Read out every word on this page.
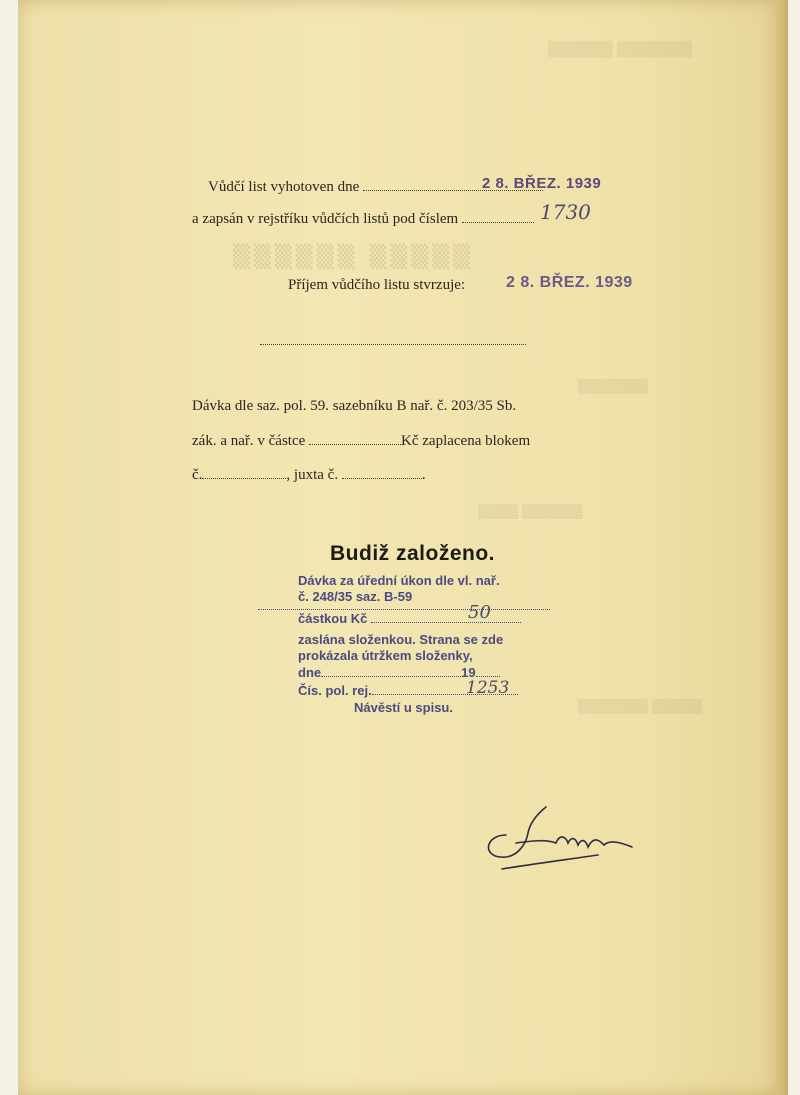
▒▒▒▒▒▒ ▒▒▒▒▒▒▒
▒▒▒▒▒▒ ▒▒▒▒▒
▒▒▒▒▒▒▒
▒▒▒▒ ▒▒▒▒▒▒
▒▒▒▒▒▒▒ ▒▒▒▒▒
Vůdčí list vyhotoven dne	2 8. BŘEZ. 1939
a zapsán v rejstříku vůdčích listů pod číslem	1730
Příjem vůdčího listu stvrzuje:	2 8. BŘEZ. 1939
Dávka dle saz. pol. 59. sazebníku B nař. č. 203/35 Sb.
zák. a nař. v částce	Kč zaplacena blokem
č.	, juxta č.	.
Budiž založeno.
Dávka za úřední úkon dle vl. nař.
č. 248/35 saz. B-59
částkou Kč	50
zaslána složenkou. Strana se zde
prokázala útržkem složenky,
dne	19
Čís. pol. rej.	1253
Návěstí u spisu.
